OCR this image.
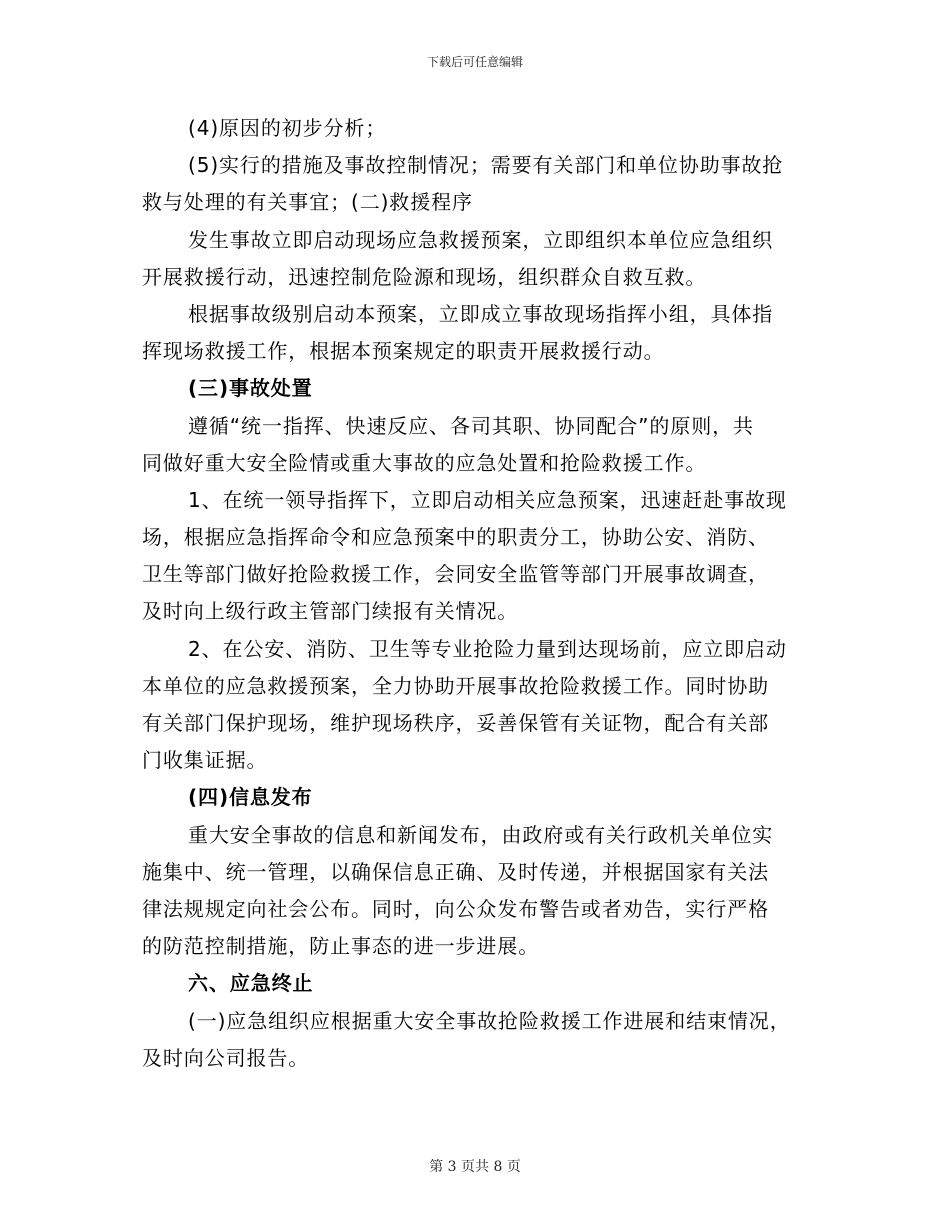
下载后可任意编辑
(4)原因的初步分析；
(5)实行的措施及事故控制情况；需要有关部门和单位协助事故抢
救与处理的有关事宜；(二)救援程序
发生事故立即启动现场应急救援预案，立即组织本单位应急组织
开展救援行动，迅速控制危险源和现场，组织群众自救互救。
根据事故级别启动本预案，立即成立事故现场指挥小组，具体指
挥现场救援工作，根据本预案规定的职责开展救援行动。
(三)事故处置
遵循“统一指挥、快速反应、各司其职、协同配合”的原则，共
同做好重大安全险情或重大事故的应急处置和抢险救援工作。
1、在统一领导指挥下，立即启动相关应急预案，迅速赶赴事故现
场，根据应急指挥命令和应急预案中的职责分工，协助公安、消防、
卫生等部门做好抢险救援工作，会同安全监管等部门开展事故调查，
及时向上级行政主管部门续报有关情况。
2、在公安、消防、卫生等专业抢险力量到达现场前，应立即启动
本单位的应急救援预案，全力协助开展事故抢险救援工作。同时协助
有关部门保护现场，维护现场秩序，妥善保管有关证物，配合有关部
门收集证据。
(四)信息发布
重大安全事故的信息和新闻发布，由政府或有关行政机关单位实
施集中、统一管理，以确保信息正确、及时传递，并根据国家有关法
律法规规定向社会公布。同时，向公众发布警告或者劝告，实行严格
的防范控制措施，防止事态的进一步进展。
六、应急终止
(一)应急组织应根据重大安全事故抢险救援工作进展和结束情况，
及时向公司报告。
第 3 页共 8 页
